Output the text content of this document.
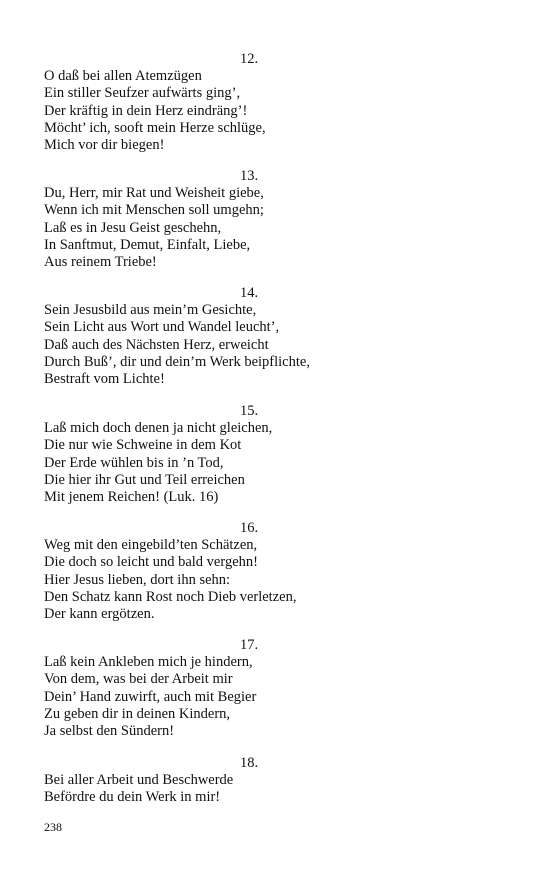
12.
O daß bei allen Atemzügen
Ein stiller Seufzer aufwärts ging’,
Der kräftig in dein Herz eindräng’!
Möcht’ ich, sooft mein Herze schlüge,
Mich vor dir biegen!
13.
Du, Herr, mir Rat und Weisheit giebe,
Wenn ich mit Menschen soll umgehn;
Laß es in Jesu Geist geschehn,
In Sanftmut, Demut, Einfalt, Liebe,
Aus reinem Triebe!
14.
Sein Jesusbild aus mein’m Gesichte,
Sein Licht aus Wort und Wandel leucht’,
Daß auch des Nächsten Herz, erweicht
Durch Buß’, dir und dein’m Werk beipflichte,
Bestraft vom Lichte!
15.
Laß mich doch denen ja nicht gleichen,
Die nur wie Schweine in dem Kot
Der Erde wühlen bis in ’n Tod,
Die hier ihr Gut und Teil erreichen
Mit jenem Reichen! (Luk. 16)
16.
Weg mit den eingebild’ten Schätzen,
Die doch so leicht und bald vergehn!
Hier Jesus lieben, dort ihn sehn:
Den Schatz kann Rost noch Dieb verletzen,
Der kann ergötzen.
17.
Laß kein Ankleben mich je hindern,
Von dem, was bei der Arbeit mir
Dein’ Hand zuwirft, auch mit Begier
Zu geben dir in deinen Kindern,
Ja selbst den Sündern!
18.
Bei aller Arbeit und Beschwerde
Befördre du dein Werk in mir!
238
